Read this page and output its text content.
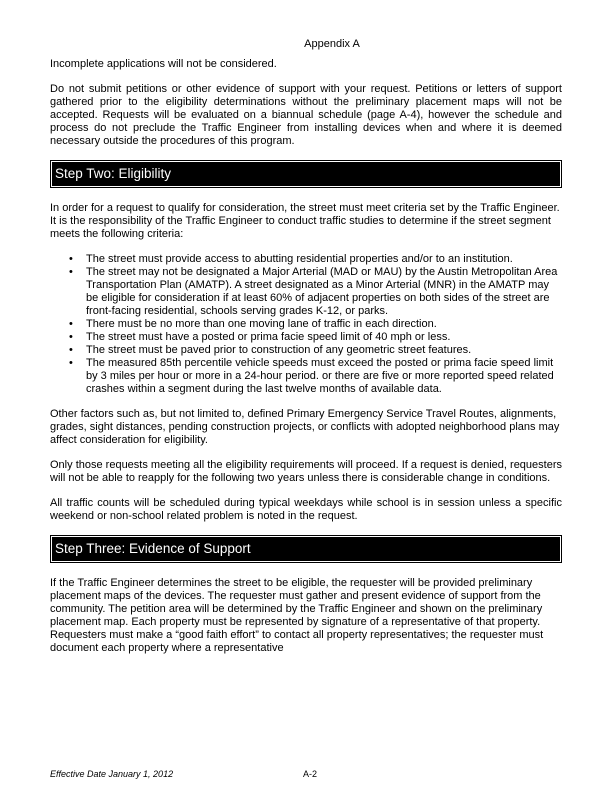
Appendix A

Incomplete applications will not be considered.

Do not submit petitions or other evidence of support with your request. Petitions or letters of support gathered prior to the eligibility determinations without the preliminary placement maps will not be accepted. Requests will be evaluated on a biannual schedule (page A-4), however the schedule and process do not preclude the Traffic Engineer from installing devices when and where it is deemed necessary outside the procedures of this program.

Step Two: Eligibility

In order for a request to qualify for consideration, the street must meet criteria set by the Traffic Engineer. It is the responsibility of the Traffic Engineer to conduct traffic studies to determine if the street segment meets the following criteria:

• The street must provide access to abutting residential properties and/or to an institution.
• The street may not be designated a Major Arterial (MAD or MAU) by the Austin Metropolitan Area Transportation Plan (AMATP). A street designated as a Minor Arterial (MNR) in the AMATP may be eligible for consideration if at least 60% of adjacent properties on both sides of the street are front-facing residential, schools serving grades K-12, or parks.
• There must be no more than one moving lane of traffic in each direction.
• The street must have a posted or prima facie speed limit of 40 mph or less.
• The street must be paved prior to construction of any geometric street features.
• The measured 85th percentile vehicle speeds must exceed the posted or prima facie speed limit by 3 miles per hour or more in a 24-hour period. or there are five or more reported speed related crashes within a segment during the last twelve months of available data.

Other factors such as, but not limited to, defined Primary Emergency Service Travel Routes, alignments, grades, sight distances, pending construction projects, or conflicts with adopted neighborhood plans may affect consideration for eligibility.

Only those requests meeting all the eligibility requirements will proceed. If a request is denied, requesters will not be able to reapply for the following two years unless there is considerable change in conditions.

All traffic counts will be scheduled during typical weekdays while school is in session unless a specific weekend or non-school related problem is noted in the request.

Step Three: Evidence of Support

If the Traffic Engineer determines the street to be eligible, the requester will be provided preliminary placement maps of the devices. The requester must gather and present evidence of support from the community. The petition area will be determined by the Traffic Engineer and shown on the preliminary placement map. Each property must be represented by signature of a representative of that property. Requesters must make a “good faith effort” to contact all property representatives; the requester must document each property where a representative

Effective Date January 1, 2012	A-2
